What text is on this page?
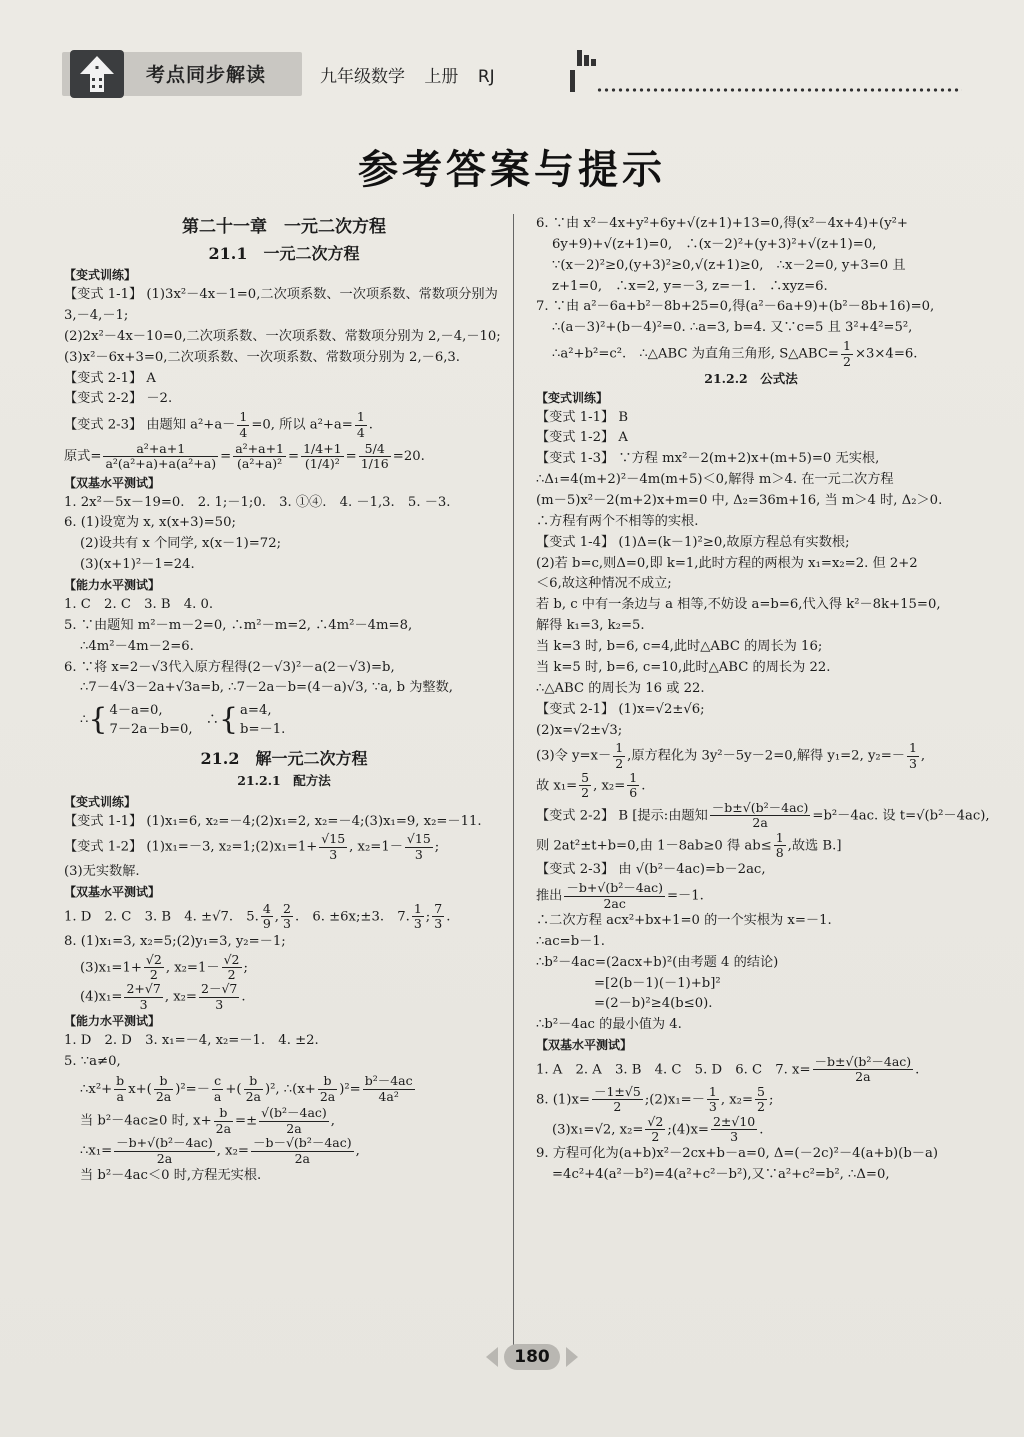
考点同步解读	九年级数学 上册 RJ
参考答案与提示

第二十一章　一元二次方程

21.1　一元二次方程

【变式训练】

【变式 1-1】 (1)3x²－4x－1=0,二次项系数、一次项系数、常数项分别为

3,－4,－1;

(2)2x²－4x－10=0,二次项系数、一次项系数、常数项分别为 2,－4,－10;

(3)x²－6x+3=0,二次项系数、一次项系数、常数项分别为 2,－6,3.

【变式 2-1】 A

【变式 2-2】 －2.

【变式 2-3】 由题知 $a^2+a- \frac{1}{4} =0$, 所以 $a^2+a= \frac{1}{4}$ .

原式= $\frac{\text{a²+a+1}}{\text{a²(a²+a)+a(a²+a)}} = \frac{\text{a²+a+1}}{\text{(a²+a)²}} = \frac{1/4+1}{\text{(1/4)²}} = \frac{5/4}{1/16} =20$.

【双基水平测试】

1. 2x²－5x－19=0.　2. 1;－1;0.　3. ①④.　4. －1,3.　5. －3.

6. (1)设宽为 x, x(x+3)=50;

(2)设共有 x 个同学, x(x－1)=72;

(3)(x+1)²－1=24.

【能力水平测试】

1. C　2. C　3. B　4. 0.

5. ∵由题知 m²－m－2=0, ∴m²－m=2, ∴4m²－4m=8,

∴4m²－4m－2=6.

6. ∵将 x=2－√3代入原方程得(2－√3)²－a(2－√3)=b,

∴7－4√3－2a+√3a=b, ∴7－2a－b=(4－a)√3, ∵a, b 为整数,

∴{ 4－a=0,
7－2a－b=0,　∴{ a=4,
b=－1.

21.2　解一元二次方程

21.2.1　配方法

【变式训练】

【变式 1-1】 (1)x₁=6, x₂=－4;(2)x₁=2, x₂=－4;(3)x₁=9, x₂=－11.

【变式 1-2】 (1)x₁=－3, x₂=1;(2)x₁=1+ $\frac{√15}{3}$ , $x_2=1- \frac{√15}{3}$ ;

(3)无实数解.

【双基水平测试】

1. D　2. C　3. B　4. ±√7.　5. $\frac{4}{9}$ , $\frac{2}{3}$ .　6. ±6x;±3.　7. $\frac{1}{3}$ ; $\frac{7}{3}$ .

8. (1)x₁=3, x₂=5;(2)y₁=3, y₂=－1;

$(3)x_1=1+ \frac{√2}{2}$ , $x_2=1- \frac{√2}{2}$ ;

$(4)x_1= \frac{2+√7}{3}$ , $x_2= \frac{2-√7}{3}$ .

【能力水平测试】

1. D　2. D　3. x₁=－4, x₂=－1.　4. ±2.

5. ∵a≠0,

∴x²+ $\frac{b}{a} x+( \frac{b}{2a} )^2=- \frac{c}{a}$ +( $\frac{b}{2a} )^2$, ∴(x+ $\frac{b}{2a} )^2= \frac{\text{b²－4ac}}{\text{4a²}}$

当 b²－4ac≥0 时, $x+ \frac{b}{2a} =\pm \frac{\text{√(b²－4ac)}}{2a}$ ,

∴x₁= $\frac{\text{－b+√(b²－4ac)}}{2a}$ , $x_2= \frac{\text{－b－√(b²－4ac)}}{2a}$ ,

当 b²－4ac＜0 时,方程无实根.

6. ∵由 x²－4x+y²+6y+√(z+1)+13=0,得(x²－4x+4)+(y²+

6y+9)+√(z+1)=0,　∴(x－2)²+(y+3)²+√(z+1)=0,

∵(x－2)²≥0,(y+3)²≥0,√(z+1)≥0,　∴x－2=0, y+3=0 且

z+1=0,　∴x=2, y=－3, z=－1.　∴xyz=6.

7. ∵由 a²－6a+b²－8b+25=0,得(a²－6a+9)+(b²－8b+16)=0,

∴(a－3)²+(b－4)²=0. ∴a=3, b=4. 又∵c=5 且 3²+4²=5²,

∴a²+b²=c².　∴△ABC 为直角三角形, S△ABC= $\frac{1}{2} \times 3\times 4=6$.

21.2.2　公式法

【变式训练】

【变式 1-1】 B

【变式 1-2】 A

【变式 1-3】 ∵方程 mx²－2(m+2)x+(m+5)=0 无实根,

∴Δ₁=4(m+2)²－4m(m+5)＜0,解得 m＞4. 在一元二次方程

(m－5)x²－2(m+2)x+m=0 中, Δ₂=36m+16, 当 m＞4 时, Δ₂＞0.

∴方程有两个不相等的实根.

【变式 1-4】 (1)Δ=(k－1)²≥0,故原方程总有实数根;

(2)若 b=c,则Δ=0,即 k=1,此时方程的两根为 x₁=x₂=2. 但 2+2

＜6,故这种情况不成立;

若 b, c 中有一条边与 a 相等,不妨设 a=b=6,代入得 k²－8k+15=0,

解得 k₁=3, k₂=5.

当 k=3 时, b=6, c=4,此时△ABC 的周长为 16;

当 k=5 时, b=6, c=10,此时△ABC 的周长为 22.

∴△ABC 的周长为 16 或 22.

【变式 2-1】 (1)x=√2±√6;

(2)x=√2±√3;

(3)令 $y=x- \frac{1}{2}$ ,原方程化为 3y²－5y－2=0,解得 y₁=2, $y_2=- \frac{1}{3}$ ,

故 $x_1= \frac{5}{2}$ , $x_2= \frac{1}{6}$ .

【变式 2-2】 B [提示:由题知 $\frac{\text{－b±√(b²－4ac)}}{2a} =b^2-4ac$. 设 t=√(b²－4ac),

则 2at²±t+b=0,由 1－8ab≥0 得 $ab\le \frac{1}{8}$ ,故选 B.]

【变式 2-3】 由 √(b²－4ac)=b－2ac,

推出 $\frac{\text{－b+√(b²－4ac)}}{2ac} =-1$.

∴二次方程 acx²+bx+1=0 的一个实根为 x=－1.

∴ac=b－1.

∴b²－4ac=(2acx+b)²(由考题 4 的结论)

=[2(b－1)(－1)+b]²

=(2－b)²≥4(b≤0).

∴b²－4ac 的最小值为 4.

【双基水平测试】

1. A　2. A　3. B　4. C　5. D　6. C　7. $x= \frac{\text{－b±√(b²－4ac)}}{2a}$ .

8. $(1)x= \frac{-1\pm√5}{2}$ ;(2)x₁=－ $\frac{1}{3}$ , $x_2= \frac{5}{2}$ ;

(3)x₁=√2, $x_2= \frac{√2}{2}$ ;(4)x= $\frac{2\pm√10}{3}$ .

9. 方程可化为(a+b)x²－2cx+b－a=0, Δ=(－2c)²－4(a+b)(b－a)

=4c²+4(a²－b²)=4(a²+c²－b²),又∵a²+c²=b², ∴Δ=0,

180
